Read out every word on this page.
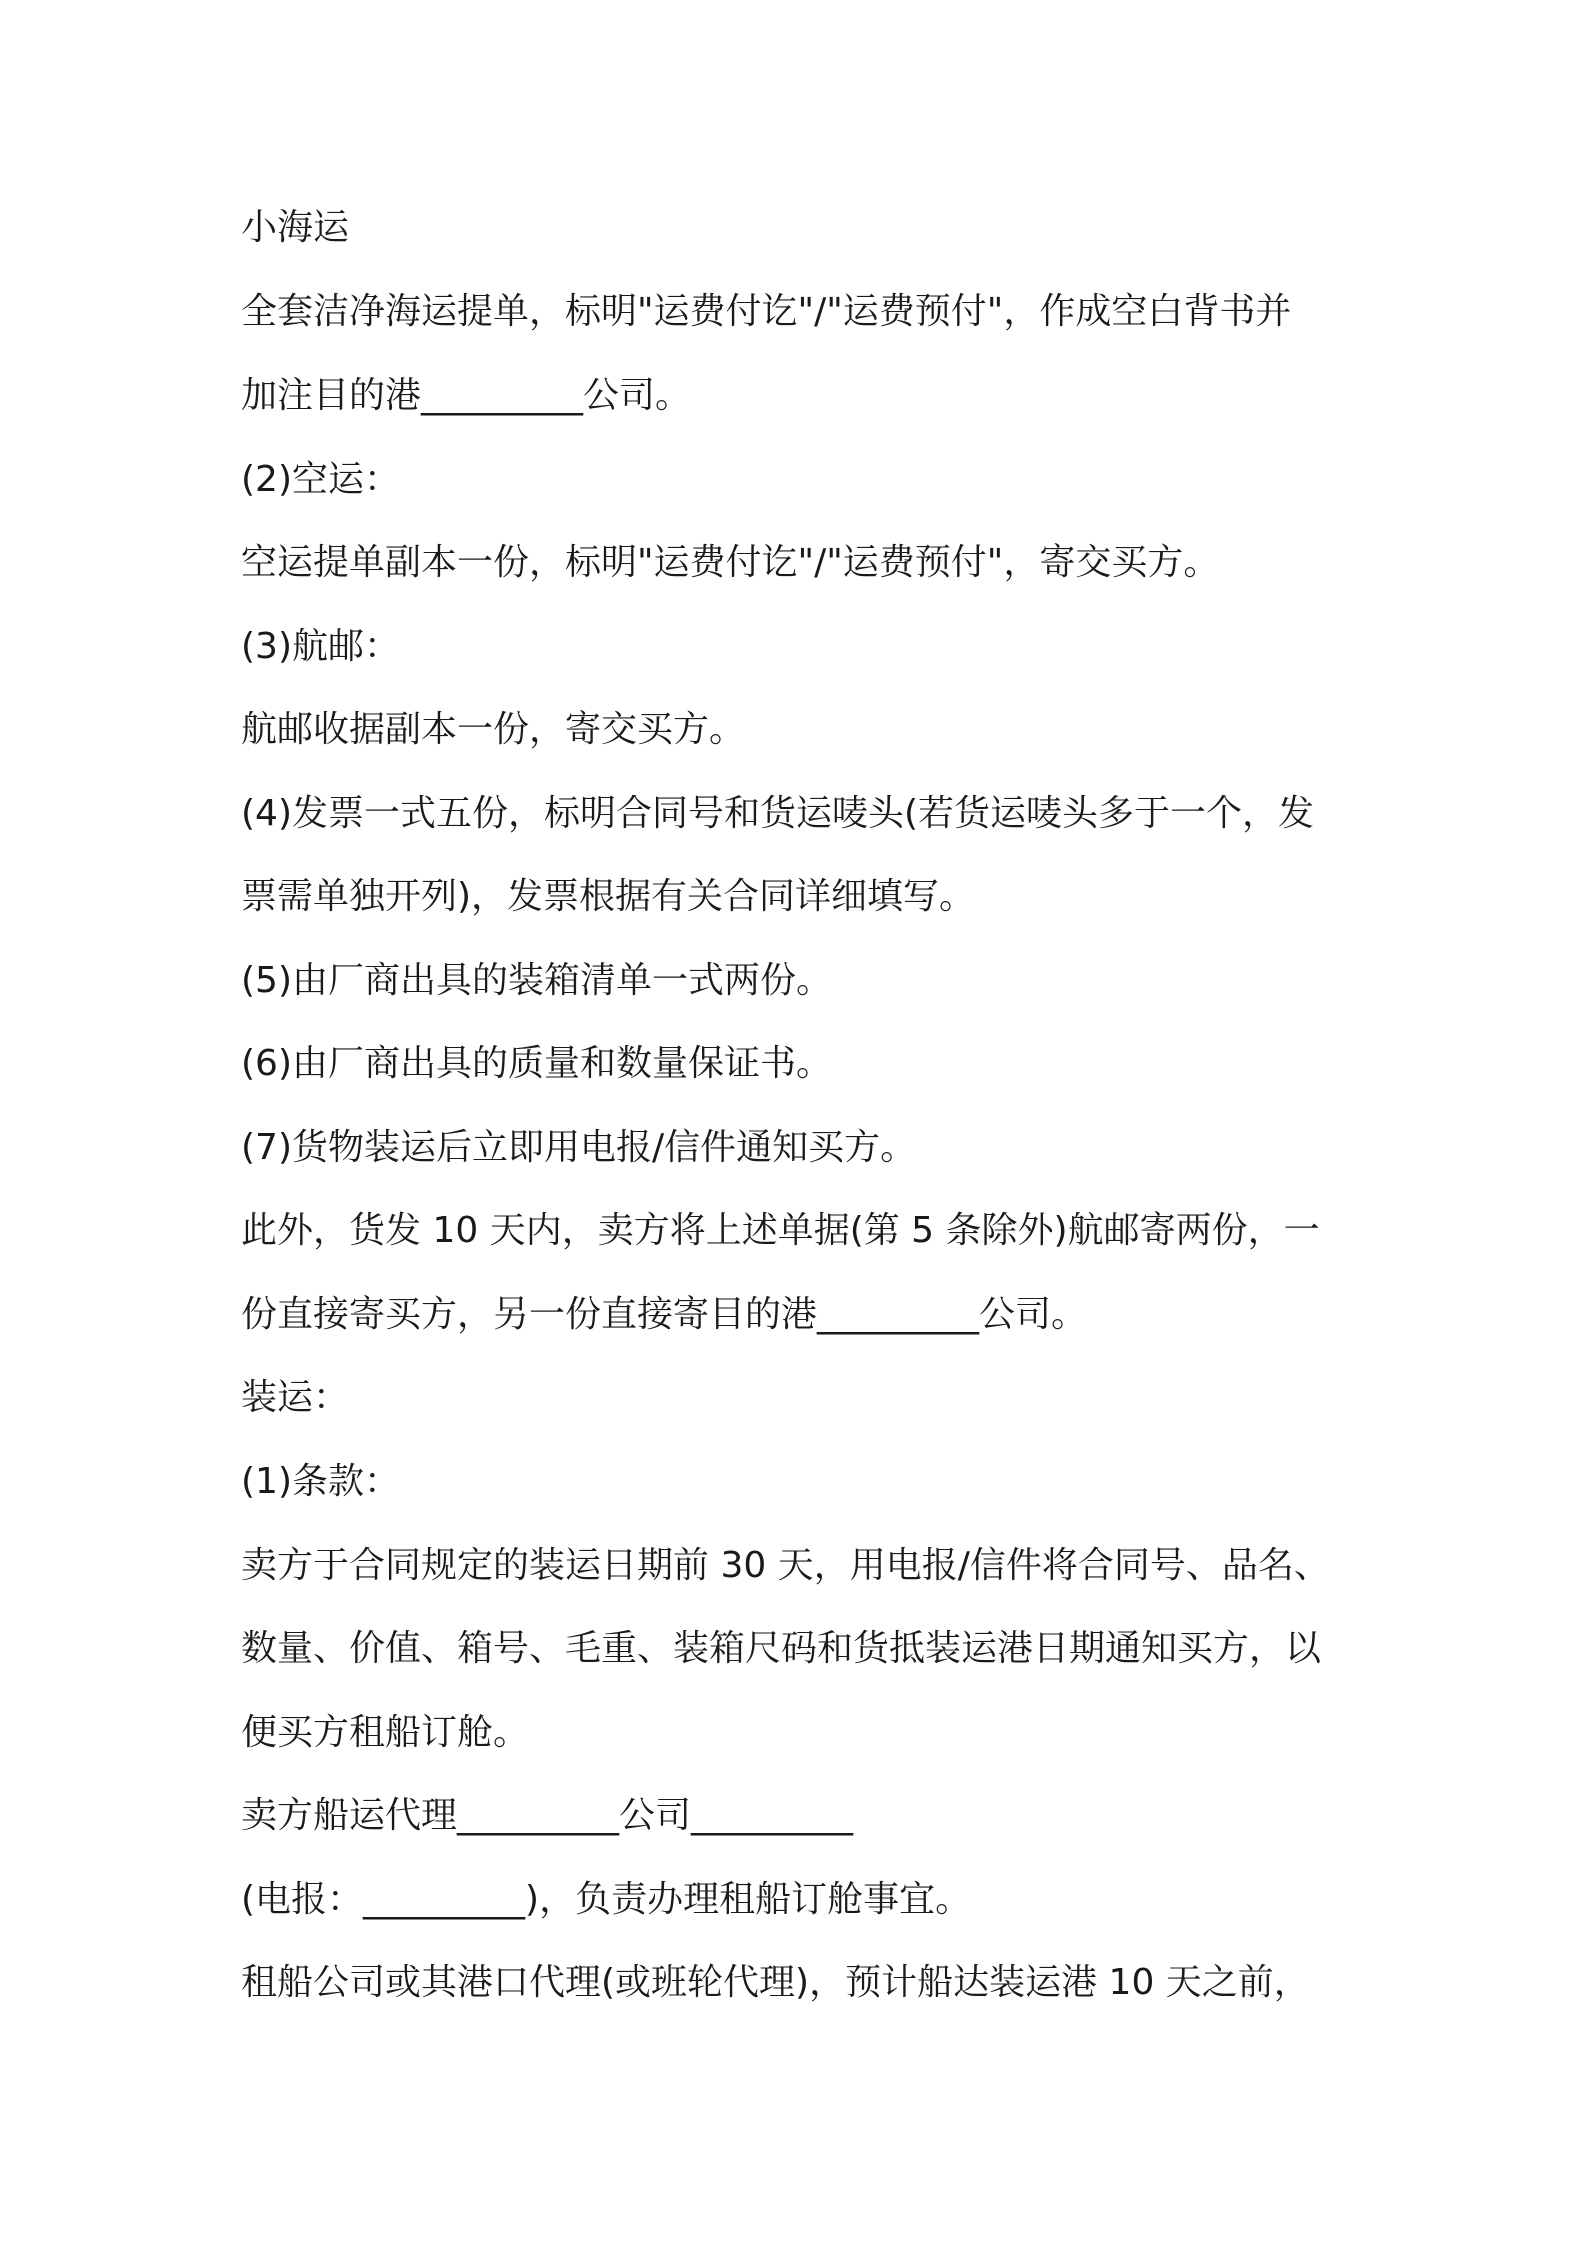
小海运

全套洁净海运提单，标明"运费付讫"/"运费预付"，作成空白背书并

加注目的港_________公司。

(2)空运：

空运提单副本一份，标明"运费付讫"/"运费预付"，寄交买方。

(3)航邮：

航邮收据副本一份，寄交买方。

(4)发票一式五份，标明合同号和货运唛头(若货运唛头多于一个，发

票需单独开列)，发票根据有关合同详细填写。

(5)由厂商出具的装箱清单一式两份。

(6)由厂商出具的质量和数量保证书。

(7)货物装运后立即用电报/信件通知买方。

此外，货发 10 天内，卖方将上述单据(第 5 条除外)航邮寄两份，一

份直接寄买方，另一份直接寄目的港_________公司。

装运：

(1)条款：

卖方于合同规定的装运日期前 30 天，用电报/信件将合同号、品名、

数量、价值、箱号、毛重、装箱尺码和货抵装运港日期通知买方，以

便买方租船订舱。

卖方船运代理_________公司_________

(电报：_________)，负责办理租船订舱事宜。

租船公司或其港口代理(或班轮代理)，预计船达装运港 10 天之前，
